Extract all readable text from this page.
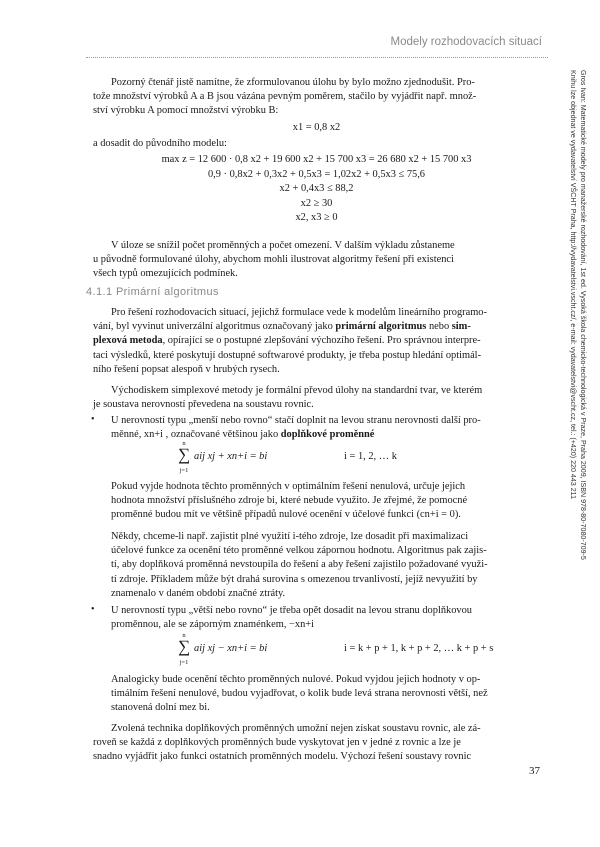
Modely rozhodovacích situací

Pozorný čtenář jistě namítne, že zformulovanou úlohu by bylo možno zjednodušit. Pro-

tože množství výrobků A a B jsou vázána pevným poměrem, stačilo by vyjádřit např. množ-

ství výrobku A pomocí množství výrobku B:

x1 = 0,8 x2

a dosadit do původního modelu:

max z = 12 600 · 0,8 x2 + 19 600 x2 + 15 700 x3 = 26 680 x2 + 15 700 x3
0,9 · 0,8x2 + 0,3x2 + 0,5x3 = 1,02x2 + 0,5x3 ≤ 75,6
x2 + 0,4x3 ≤ 88,2
x2 ≥ 30
x2, x3 ≥ 0

V úloze se snížil počet proměnných a počet omezení. V dalším výkladu zůstaneme

u původně formulované úlohy, abychom mohli ilustrovat algoritmy řešení při existenci

všech typů omezujících podmínek.

4.1.1 Primární algoritmus

Pro řešení rozhodovacích situací, jejichž formulace vede k modelům lineárního programo-

vání, byl vyvinut univerzální algoritmus označovaný jako primární algoritmus nebo sim-

plexová metoda, opírající se o postupné zlepšování výchozího řešení. Pro správnou interpre-

taci výsledků, které poskytují dostupné softwarové produkty, je třeba postup hledání optimál-

ního řešení popsat alespoň v hrubých rysech.

Východiskem simplexové metody je formální převod úlohy na standardní tvar, ve kterém

je soustava nerovností převedena na soustavu rovnic.

• U nerovností typu „menší nebo rovno“ stačí doplnit na levou stranu nerovnosti další pro-

měnné, xn+i , označované většinou jako doplňkové proměnné

n
∑
j=1
aij xj + xn+i = bi	i = 1, 2, … k

Pokud vyjde hodnota těchto proměnných v optimálním řešení nenulová, určuje jejich

hodnota množství příslušného zdroje bi, které nebude využito. Je zřejmé, že pomocné

proměnné budou mít ve většině případů nulové ocenění v účelové funkci (cn+i = 0).

Někdy, chceme-li např. zajistit plné využití i-tého zdroje, lze dosadit při maximalizaci

účelové funkce za ocenění této proměnné velkou zápornou hodnotu. Algoritmus pak zajis-

tí, aby doplňková proměnná nevstoupila do řešení a aby řešení zajistilo požadované využi-

tí zdroje. Příkladem může být drahá surovina s omezenou trvanlivostí, jejíž nevyužití by

znamenalo v daném období značné ztráty.

• U nerovností typu „větší nebo rovno“ je třeba opět dosadit na levou stranu doplňkovou

proměnnou, ale se záporným znaménkem, −xn+i

n
∑
j=1
aij xj − xn+i = bi	i = k + p + 1, k + p + 2, … k + p + s

Analogicky bude ocenění těchto proměnných nulové. Pokud vyjdou jejich hodnoty v op-

timálním řešení nenulové, budou vyjadřovat, o kolik bude levá strana nerovnosti větší, než

stanovená dolní mez bi.

Zvolená technika doplňkových proměnných umožní nejen získat soustavu rovnic, ale zá-

roveň se každá z doplňkových proměnných bude vyskytovat jen v jedné z rovnic a lze je

snadno vyjádřit jako funkci ostatních proměnných modelu. Výchozí řešení soustavy rovnic

37
Gros Ivan: Matematické modely pro manažerské rozhodování, 1st ed. Vysoká škola chemicko-technologická v Praze, Praha 2009, ISBN 978-80-7080-709-5
Knihu lze objednat ve vydavatelství VŠCHT Praha, http://vydavatelstvi.vscht.cz/, e-mail: vydavatelstvi@vscht.cz, tel.: (+420) 220 443 211
